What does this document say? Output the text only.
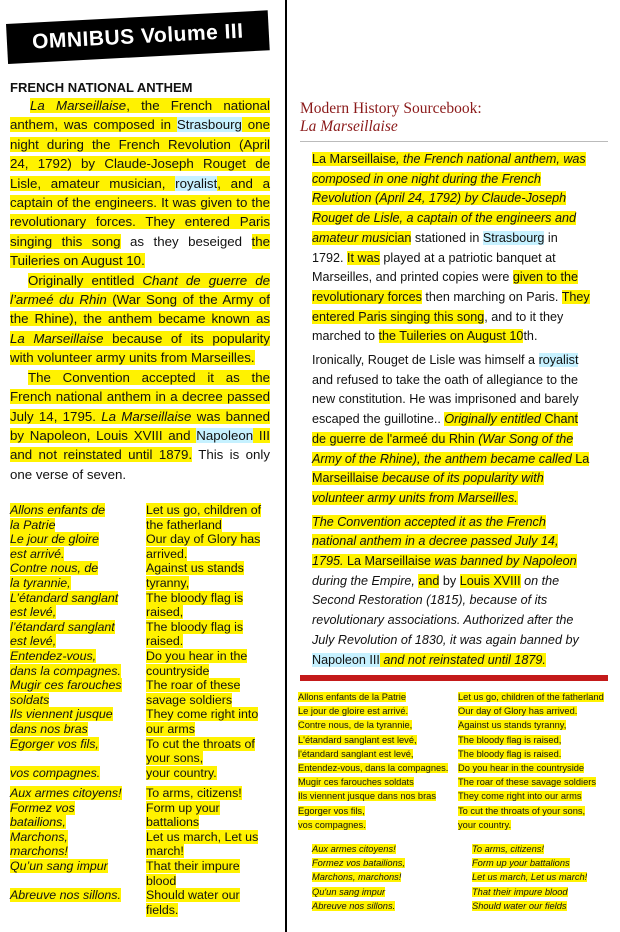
OMNIBUS Volume III
FRENCH NATIONAL ANTHEM

La Marseillaise, the French national anthem, was composed in Strasbourg one night during the French Revolution (April 24, 1792) by Claude-Joseph Rouget de Lisle, amateur musician, royalist, and a captain of the engineers. It was given to the revolutionary forces. They entered Paris singing this song as they beseiged the Tuileries on August 10.

Originally entitled Chant de guerre de l’armeé du Rhin (War Song of the Army of the Rhine), the anthem became known as La Marseillaise because of its popularity with volunteer army units from Marseilles.

The Convention accepted it as the French national anthem in a decree passed July 14, 1795. La Marseillaise was banned by Napoleon, Louis XVIII and Napoleon III and not reinstated until 1879. This is only one verse of seven.

Allons enfants de
la Patrie
Le jour de gloire
est arrivé.
Contre nous, de
la tyrannie,
L’étandard sanglant
est levé,
l’étandard sanglant
est levé,
Entendez-vous,
dans la compagnes.
Mugir ces farouches
soldats
Ils viennent jusque
dans nos bras
Egorger vos fils,

vos compagnes.
Let us go, children of
the fatherland
Our day of Glory has
arrived.
Against us stands
tyranny,
The bloody flag is
raised,
The bloody flag is
raised.
Do you hear in the
countryside
The roar of these
savage soldiers
They come right into
our arms
To cut the throats of
your sons,
your country.
Aux armes citoyens!
Formez vos
batailions,
Marchons,
marchons!
Qu’un sang impur

Abreuve nos sillons.
To arms, citizens!
Form up your
battalions
Let us march, Let us
march!
That their impure
blood
Should water our
fields.
Modern History Sourcebook:
La Marseillaise

La Marseillaise, the French national anthem, was composed in one night during the French Revolution (April 24, 1792) by Claude-Joseph Rouget de Lisle, a captain of the engineers and amateur musician stationed in Strasbourg in 1792. It was played at a patriotic banquet at Marseilles, and printed copies were given to the revolutionary forces then marching on Paris. They entered Paris singing this song, and to it they marched to the Tuileries on August 10th.

Ironically, Rouget de Lisle was himself a royalist and refused to take the oath of allegiance to the new constitution. He was imprisoned and barely escaped the guillotine.. Originally entitled Chant de guerre de l'armeé du Rhin (War Song of the Army of the Rhine), the anthem became called La Marseillaise because of its popularity with volunteer army units from Marseilles.

The Convention accepted it as the French national anthem in a decree passed July 14, 1795. La Marseillaise was banned by Napoleon during the Empire, and by Louis XVIII on the Second Restoration (1815), because of its revolutionary associations. Authorized after the July Revolution of 1830, it was again banned by Napoleon III and not reinstated until 1879.

Allons enfants de la Patrie
Le jour de gloire est arrivé.
Contre nous, de la tyrannie,
L'étandard sanglant est levé,
l'étandard sanglant est levé,
Entendez-vous, dans la compagnes.
Mugir ces farouches soldats
Ils viennent jusque dans nos bras
Egorger vos fils,
vos compagnes.
Let us go, children of the fatherland
Our day of Glory has arrived.
Against us stands tyranny,
The bloody flag is raised,
The bloody flag is raised.
Do you hear in the countryside
The roar of these savage soldiers
They come right into our arms
To cut the throats of your sons,
your country.
Aux armes citoyens!
Formez vos batailions,
Marchons, marchons!
Qu'un sang impur
Abreuve nos sillons.
To arms, citizens!
Form up your battalions
Let us march, Let us march!
That their impure blood
Should water our fields
